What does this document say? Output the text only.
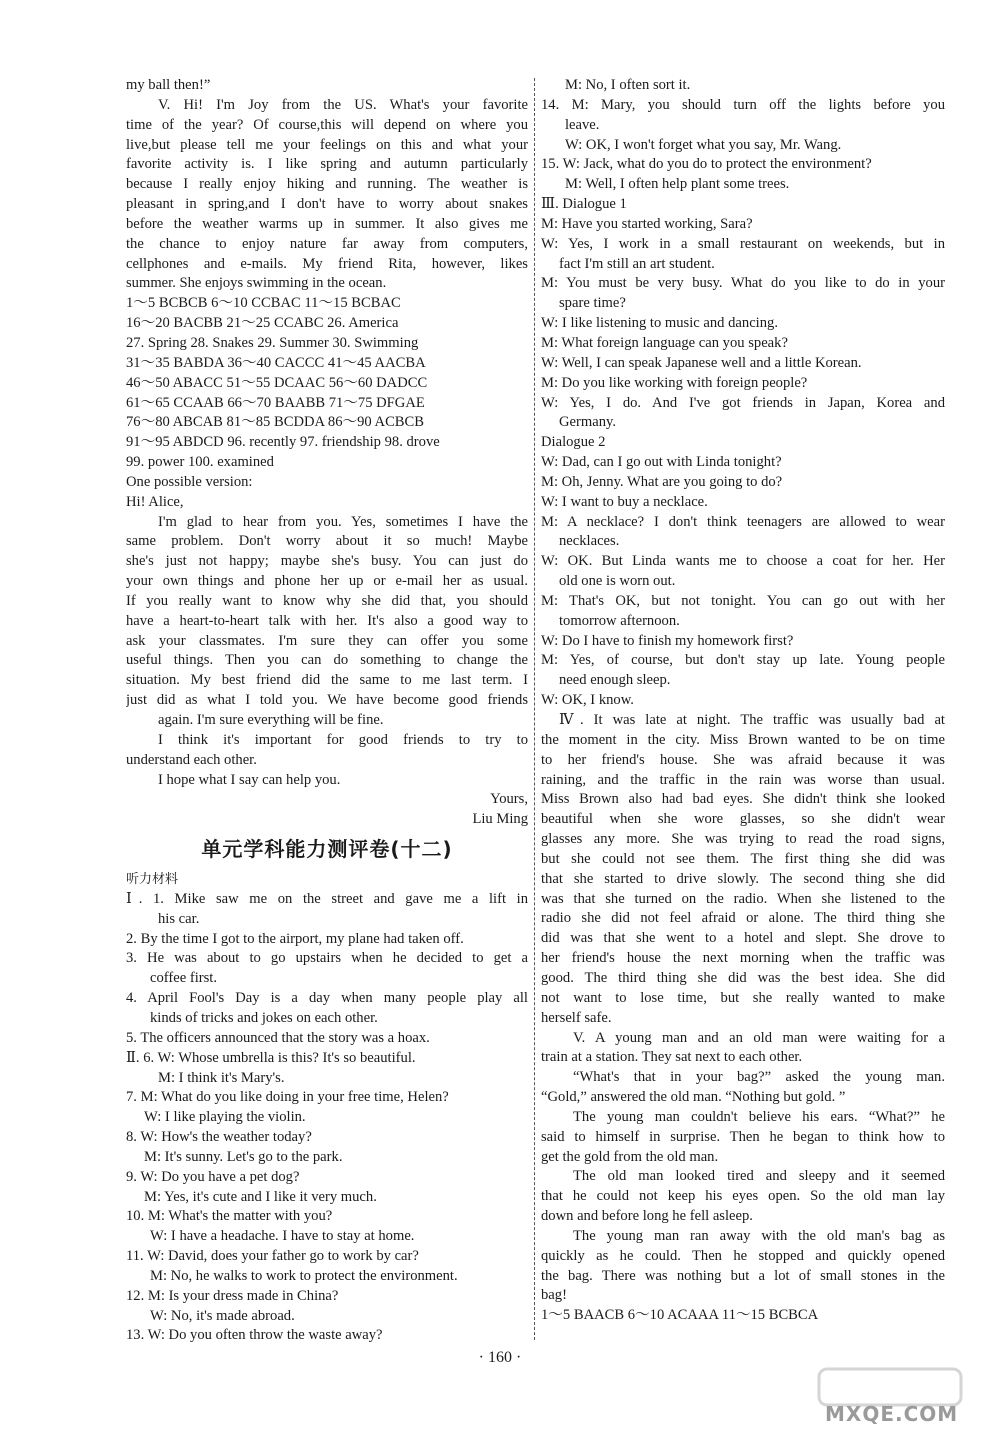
my ball then!”
V. Hi! I'm Joy from the US. What's your favorite
time of the year? Of course,this will depend on where you
live,but please tell me your feelings on this and what your
favorite activity is. I like spring and autumn particularly
because I really enjoy hiking and running. The weather is
pleasant in spring,and I don't have to worry about snakes
before the weather warms up in summer. It also gives me
the chance to enjoy nature far away from computers,
cellphones and e-mails. My friend Rita, however, likes
summer. She enjoys swimming in the ocean.
1～5 BCBCB 6～10 CCBAC 11～15 BCBAC
16～20 BACBB 21～25 CCABC 26. America
27. Spring 28. Snakes 29. Summer 30. Swimming
31～35 BABDA 36～40 CACCC 41～45 AACBA
46～50 ABACC 51～55 DCAAC 56～60 DADCC
61～65 CCAAB 66～70 BAABB 71～75 DFGAE
76～80 ABCAB 81～85 BCDDA 86～90 ACBCB
91～95 ABDCD 96. recently 97. friendship 98. drove
99. power 100. examined
One possible version:
Hi! Alice,
I'm glad to hear from you. Yes, sometimes I have the
same problem. Don't worry about it so much! Maybe
she's just not happy; maybe she's busy. You can just do
your own things and phone her up or e-mail her as usual.
If you really want to know why she did that, you should
have a heart-to-heart talk with her. It's also a good way to
ask your classmates. I'm sure they can offer you some
useful things. Then you can do something to change the
situation. My best friend did the same to me last term. I
just did as what I told you. We have become good friends
again. I'm sure everything will be fine.
I think it's important for good friends to try to
understand each other.
I hope what I say can help you.
Yours,
Liu Ming
单元学科能力测评卷(十二)
听力材料
Ⅰ. 1. Mike saw me on the street and gave me a lift in
his car.
2. By the time I got to the airport, my plane had taken off.
3. He was about to go upstairs when he decided to get a
coffee first.
4. April Fool's Day is a day when many people play all
kinds of tricks and jokes on each other.
5. The officers announced that the story was a hoax.
Ⅱ. 6. W: Whose umbrella is this? It's so beautiful.
M: I think it's Mary's.
7. M: What do you like doing in your free time, Helen?
W: I like playing the violin.
8. W: How's the weather today?
M: It's sunny. Let's go to the park.
9. W: Do you have a pet dog?
M: Yes, it's cute and I like it very much.
10. M: What's the matter with you?
W: I have a headache. I have to stay at home.
11. W: David, does your father go to work by car?
M: No, he walks to work to protect the environment.
12. M: Is your dress made in China?
W: No, it's made abroad.
13. W: Do you often throw the waste away?
M: No, I often sort it.
14. M: Mary, you should turn off the lights before you
leave.
W: OK, I won't forget what you say, Mr. Wang.
15. W: Jack, what do you do to protect the environment?
M: Well, I often help plant some trees.
Ⅲ. Dialogue 1
M: Have you started working, Sara?
W: Yes, I work in a small restaurant on weekends, but in
fact I'm still an art student.
M: You must be very busy. What do you like to do in your
spare time?
W: I like listening to music and dancing.
M: What foreign language can you speak?
W: Well, I can speak Japanese well and a little Korean.
M: Do you like working with foreign people?
W: Yes, I do. And I've got friends in Japan, Korea and
Germany.
Dialogue 2
W: Dad, can I go out with Linda tonight?
M: Oh, Jenny. What are you going to do?
W: I want to buy a necklace.
M: A necklace? I don't think teenagers are allowed to wear
necklaces.
W: OK. But Linda wants me to choose a coat for her. Her
old one is worn out.
M: That's OK, but not tonight. You can go out with her
tomorrow afternoon.
W: Do I have to finish my homework first?
M: Yes, of course, but don't stay up late. Young people
need enough sleep.
W: OK, I know.
Ⅳ. It was late at night. The traffic was usually bad at
the moment in the city. Miss Brown wanted to be on time
to her friend's house. She was afraid because it was
raining, and the traffic in the rain was worse than usual.
Miss Brown also had bad eyes. She didn't think she looked
beautiful when she wore glasses, so she didn't wear
glasses any more. She was trying to read the road signs,
but she could not see them. The first thing she did was
that she started to drive slowly. The second thing she did
was that she turned on the radio. When she listened to the
radio she did not feel afraid or alone. The third thing she
did was that she went to a hotel and slept. She drove to
her friend's house the next morning when the traffic was
good. The third thing she did was the best idea. She did
not want to lose time, but she really wanted to make
herself safe.
V. A young man and an old man were waiting for a
train at a station. They sat next to each other.
“What's that in your bag?” asked the young man.
“Gold,” answered the old man. “Nothing but gold. ”
The young man couldn't believe his ears. “What?” he
said to himself in surprise. Then he began to think how to
get the gold from the old man.
The old man looked tired and sleepy and it seemed
that he could not keep his eyes open. So the old man lay
down and before long he fell asleep.
The young man ran away with the old man's bag as
quickly as he could. Then he stopped and quickly opened
the bag. There was nothing but a lot of small stones in the
bag!
1～5 BAACB 6～10 ACAAA 11～15 BCBCA
· 160 ·
MXQE.COM
